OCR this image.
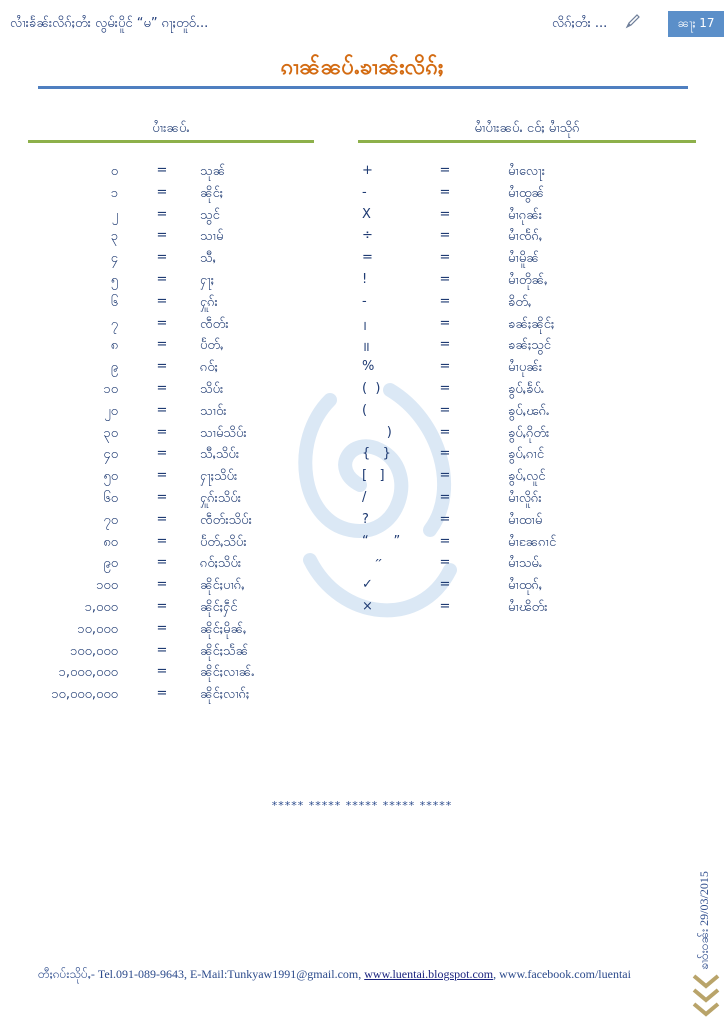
လၢႆးၶႅၼ်းလိၵ်ႈတႆး လွမ်းပိူင် “မ” ၵႃႈတူဝ်...	လိၵ်ႈတႆး ...	ၼႃႈ 17
ၵၢၼ်ၼပ်ႉၶၢၼ်းလိၵ်ႈ
ပၢႆးၼပ်ႉ	မၢႆပၢႆးၼပ်ႉ ငဝ်ႈ မၢႆသိုၵ်
၀	=	သုၼ်	+	=	မၢႆလေႃး
၁	=	ၼိုင်ႈ	-	=	မၢႆထွၼ်
၂	=	သွင်	X	=	မၢႆၵုၼ်း
၃	=	သၢမ်	÷	=	မၢႆၸႅၵ်ႇ
၄	=	သီႇ	=	=	မၢႆမိူၼ်
၅	=	ႁႃႈ	!	=	မၢႆတိုၼ်ႇ
၆	=	ႁူၵ်း	-	=	ၶိတ်ႇ
၇	=	ၸဵတ်း	।	=	ၶၼ်ႈၼိုင်ႈ
၈	=	ပႅတ်ႇ	॥	=	ၶၼ်ႈသွင်
၉	=	ၵဝ်ႈ	%	=	မၢႆပုၼ်း
၁၀	=	သိပ်း	(  )	=	ၶွပ်ႇၶႅပ်ႉ
၂၀	=	သၢဝ်း	(	=	ၶွပ်ႇၽၵ်ႉ
၃၀	=	သၢမ်သိပ်း	)	=	ၶွပ်ႇၵိုတ်း
၄၀	=	သီႇသိပ်း	{   }	=	ၶွပ်ႇၵၢင်
၅၀	=	ႁႃႈသိပ်း	[   ]	=	ၶွပ်ႇလူင်
၆၀	=	ႁူၵ်းသိပ်း	/	=	မၢႆလိူၵ်း
၇၀	=	ၸဵတ်းသိပ်း	?	=	မၢႆထၢမ်
၈၀	=	ပႅတ်ႇသိပ်း	“      ”	=	မၢႆၼႄၵၢင်
၉၀	=	ၵဝ်ႈသိပ်း	״	=	မၢႆသမ်ႉ
၁၀၀	=	ၼိုင်ႈပၢၵ်ႇ	✓	=	မၢႆထုၵ်ႇ
၁,၀၀၀	=	ၼိုင်ႈႁဵင်	×	=	မၢႆၽိတ်း
၁၀,၀၀၀	=	ၼိုင်ႈမိုၼ်ႇ
၁၀၀,၀၀၀	=	ၼိုင်ႈသႅၼ်
၁,၀၀၀,၀၀၀	=	ၼိုင်ႈလၢၼ်ႉ
၁၀,၀၀၀,၀၀၀	=	ၼိုင်ႈလၢၵ်ႈ
***** ***** ***** ***** *****
တီႈၵပ်းသိုပ်ႇ- Tel.091-089-9643, E-Mail:Tunkyaw1991@gmail.com, www.luentai.blogspot.com, www.facebook.com/luentai
ၶၢဝ်းဝၼ်း 29/03/2015
